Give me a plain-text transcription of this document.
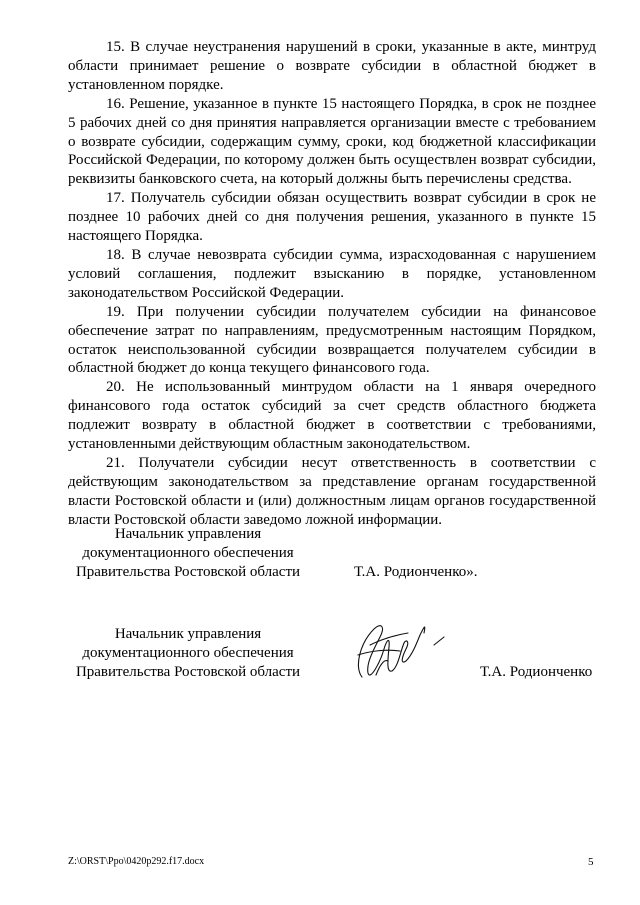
15. В случае неустранения нарушений в сроки, указанные в акте, минтруд области принимает решение о возврате субсидии в областной бюджет в установленном порядке.

16. Решение, указанное в пункте 15 настоящего Порядка, в срок не позднее 5 рабочих дней со дня принятия направляется организации вместе с требованием о возврате субсидии, содержащим сумму, сроки, код бюджетной классификации Российской Федерации, по которому должен быть осуществлен возврат субсидии, реквизиты банковского счета, на который должны быть перечислены средства.

17. Получатель субсидии обязан осуществить возврат субсидии в срок не позднее 10 рабочих дней со дня получения решения, указанного в пункте 15 настоящего Порядка.

18. В случае невозврата субсидии сумма, израсходованная с нарушением условий соглашения, подлежит взысканию в порядке, установленном законодательством Российской Федерации.

19. При получении субсидии получателем субсидии на финансовое обеспечение затрат по направлениям, предусмотренным настоящим Порядком, остаток неиспользованной субсидии возвращается получателем субсидии в областной бюджет до конца текущего финансового года.

20. Не использованный минтрудом области на 1 января очередного финансового года остаток субсидий за счет средств областного бюджета подлежит возврату в областной бюджет в соответствии с требованиями, установленными действующим областным законодательством.

21. Получатели субсидии несут ответственность в соответствии с действующим законодательством за представление органам государственной власти Ростовской области и (или) должностным лицам органов государственной власти Ростовской области заведомо ложной информации.

Начальник управления
документационного обеспечения
Правительства Ростовской области	Т.А. Родионченко».
Начальник управления
документационного обеспечения
Правительства Ростовской области	Т.А. Родионченко
Z:\ORST\Ppo\0420p292.f17.docx	5
